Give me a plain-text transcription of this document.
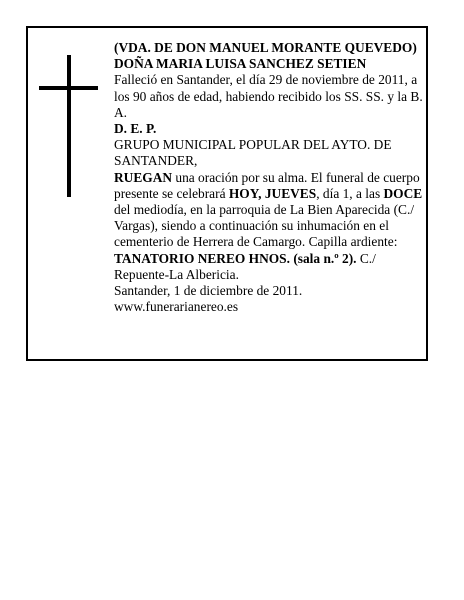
(VDA. DE DON MANUEL MORANTE QUEVEDO)

DOÑA MARIA LUISA SANCHEZ SETIEN

Falleció en Santander, el día 29 de noviembre de 2011, a los 90 años de edad, habiendo recibido los SS. SS. y la B. A.

D. E. P.

GRUPO MUNICIPAL POPULAR DEL AYTO. DE SANTANDER,

RUEGAN una oración por su alma. El funeral de cuerpo presente se celebrará HOY, JUEVES, día 1, a las DOCE del mediodía, en la parroquia de La Bien Aparecida (C./ Vargas), siendo a continuación su inhumación en el cementerio de Herrera de Camargo. Capilla ardiente: TANATORIO NEREO HNOS. (sala n.º 2). C./ Repuente-La Albericia.

Santander, 1 de diciembre de 2011.

www.funerarianereo.es
